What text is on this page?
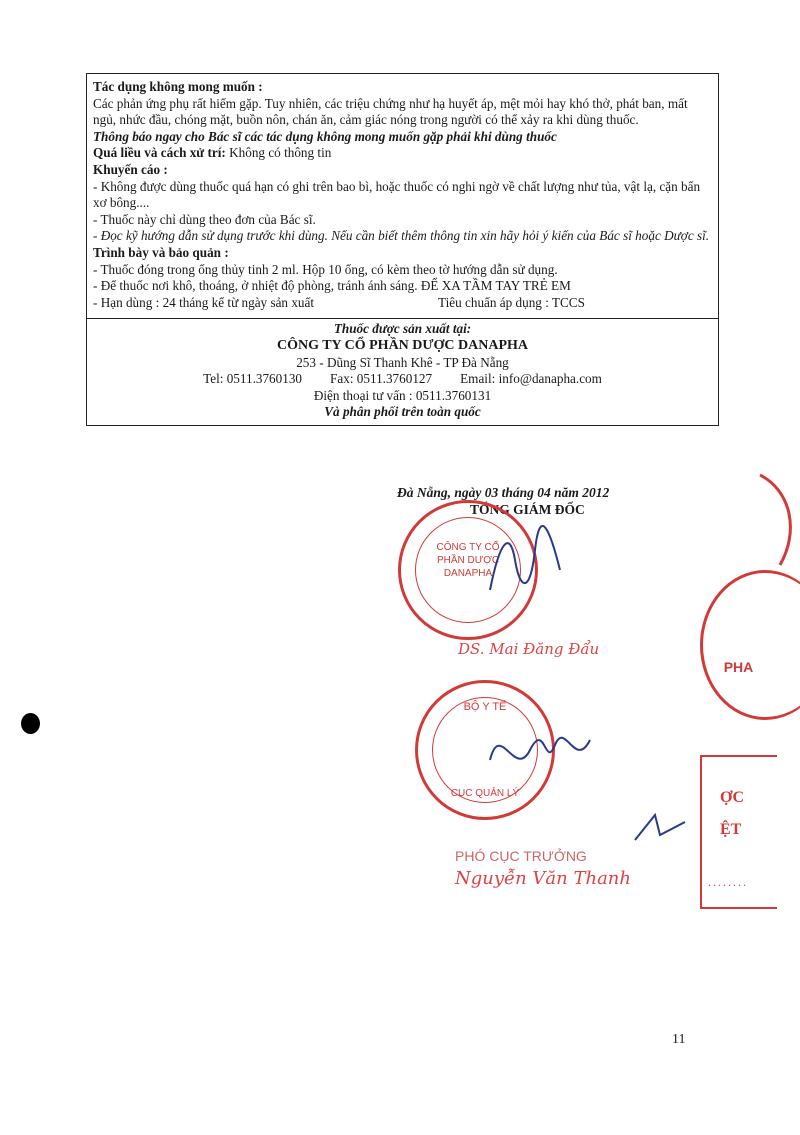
Tác dụng không mong muốn :

Các phản ứng phụ rất hiếm gặp. Tuy nhiên, các triệu chứng như hạ huyết áp, mệt mỏi hay khó thở, phát ban, mất ngủ, nhức đầu, chóng mặt, buồn nôn, chán ăn, cảm giác nóng trong người có thể xảy ra khi dùng thuốc.

Thông báo ngay cho Bác sĩ các tác dụng không mong muốn gặp phải khi dùng thuốc

Quá liều và cách xử trí: Không có thông tin

Khuyến cáo :

- Không được dùng thuốc quá hạn có ghi trên bao bì, hoặc thuốc có nghi ngờ về chất lượng như tủa, vật lạ, cặn bẩn xơ bông....

- Thuốc này chỉ dùng theo đơn của Bác sĩ.

- Đọc kỹ hướng dẫn sử dụng trước khi dùng. Nếu cần biết thêm thông tin xin hãy hỏi ý kiến của Bác sĩ hoặc Dược sĩ.

Trình bày và bảo quản :

- Thuốc đóng trong ống thủy tinh 2 ml. Hộp 10 ống, có kèm theo tờ hướng dẫn sử dụng.

- Để thuốc nơi khô, thoáng, ở nhiệt độ phòng, tránh ánh sáng. ĐỂ XA TẦM TAY TRẺ EM

- Hạn dùng : 24 tháng kể từ ngày sản xuất	Tiêu chuẩn áp dụng : TCCS
Thuốc được sản xuất tại:
CÔNG TY CỔ PHẦN DƯỢC DANAPHA
253 - Dũng Sĩ Thanh Khê - TP Đà Nẵng
Tel: 0511.3760130 Fax: 0511.3760127 Email: info@danapha.com
Điện thoại tư vấn : 0511.3760131
Và phân phối trên toàn quốc
Đà Nẵng, ngày 03 tháng 04 năm 2012
TỔNG GIÁM ĐỐC
CÔNG TY CỔ PHẦN DƯỢC DANAPHA
DS. Mai Đăng Đẩu
PHA
BỘ Y TẾ
CỤC QUẢN LÝ	ỢC
ỆT
........
PHÓ CỤC TRƯỞNG
Nguyễn Văn Thanh
11
